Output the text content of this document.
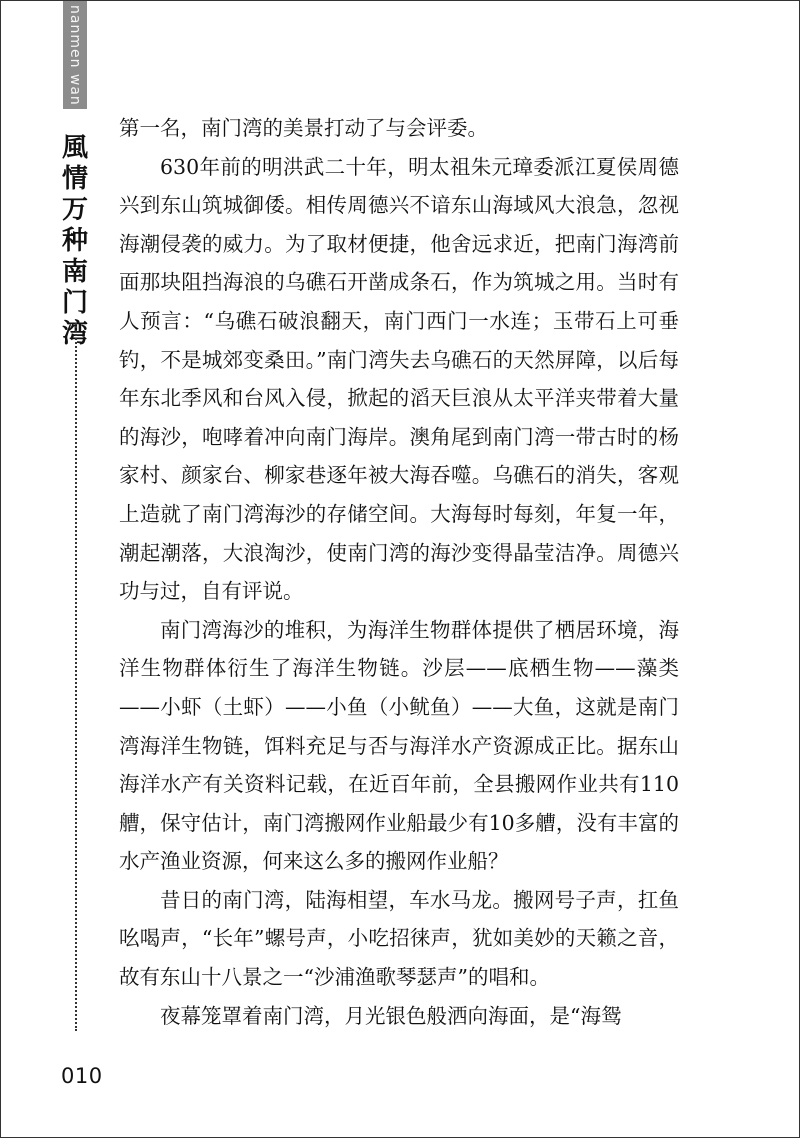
nanmen wan
風
情
万
种
南
门
湾
010

第一名，南门湾的美景打动了与会评委。

630年前的明洪武二十年，明太祖朱元璋委派江夏侯周德兴到东山筑城御倭。相传周德兴不谙东山海域风大浪急，忽视海潮侵袭的威力。为了取材便捷，他舍远求近，把南门海湾前面那块阻挡海浪的乌礁石开凿成条石，作为筑城之用。当时有人预言：“乌礁石破浪翻天，南门西门一水连；玉带石上可垂钓，不是城郊变桑田。”南门湾失去乌礁石的天然屏障，以后每年东北季风和台风入侵，掀起的滔天巨浪从太平洋夹带着大量的海沙，咆哮着冲向南门海岸。澳角尾到南门湾一带古时的杨家村、颜家台、柳家巷逐年被大海吞噬。乌礁石的消失，客观上造就了南门湾海沙的存储空间。大海每时每刻，年复一年，潮起潮落，大浪淘沙，使南门湾的海沙变得晶莹洁净。周德兴功与过，自有评说。

南门湾海沙的堆积，为海洋生物群体提供了栖居环境，海洋生物群体衍生了海洋生物链。沙层——底栖生物——藻类——小虾（土虾）——小鱼（小鱿鱼）——大鱼，这就是南门湾海洋生物链，饵料充足与否与海洋水产资源成正比。据东山海洋水产有关资料记载，在近百年前，全县搬网作业共有110艚，保守估计，南门湾搬网作业船最少有10多艚，没有丰富的水产渔业资源，何来这么多的搬网作业船？

昔日的南门湾，陆海相望，车水马龙。搬网号子声，扛鱼吆喝声，“长年”螺号声，小吃招徕声，犹如美妙的天籁之音，故有东山十八景之一“沙浦渔歌琴瑟声”的唱和。

夜幕笼罩着南门湾，月光银色般洒向海面，是“海鸳
